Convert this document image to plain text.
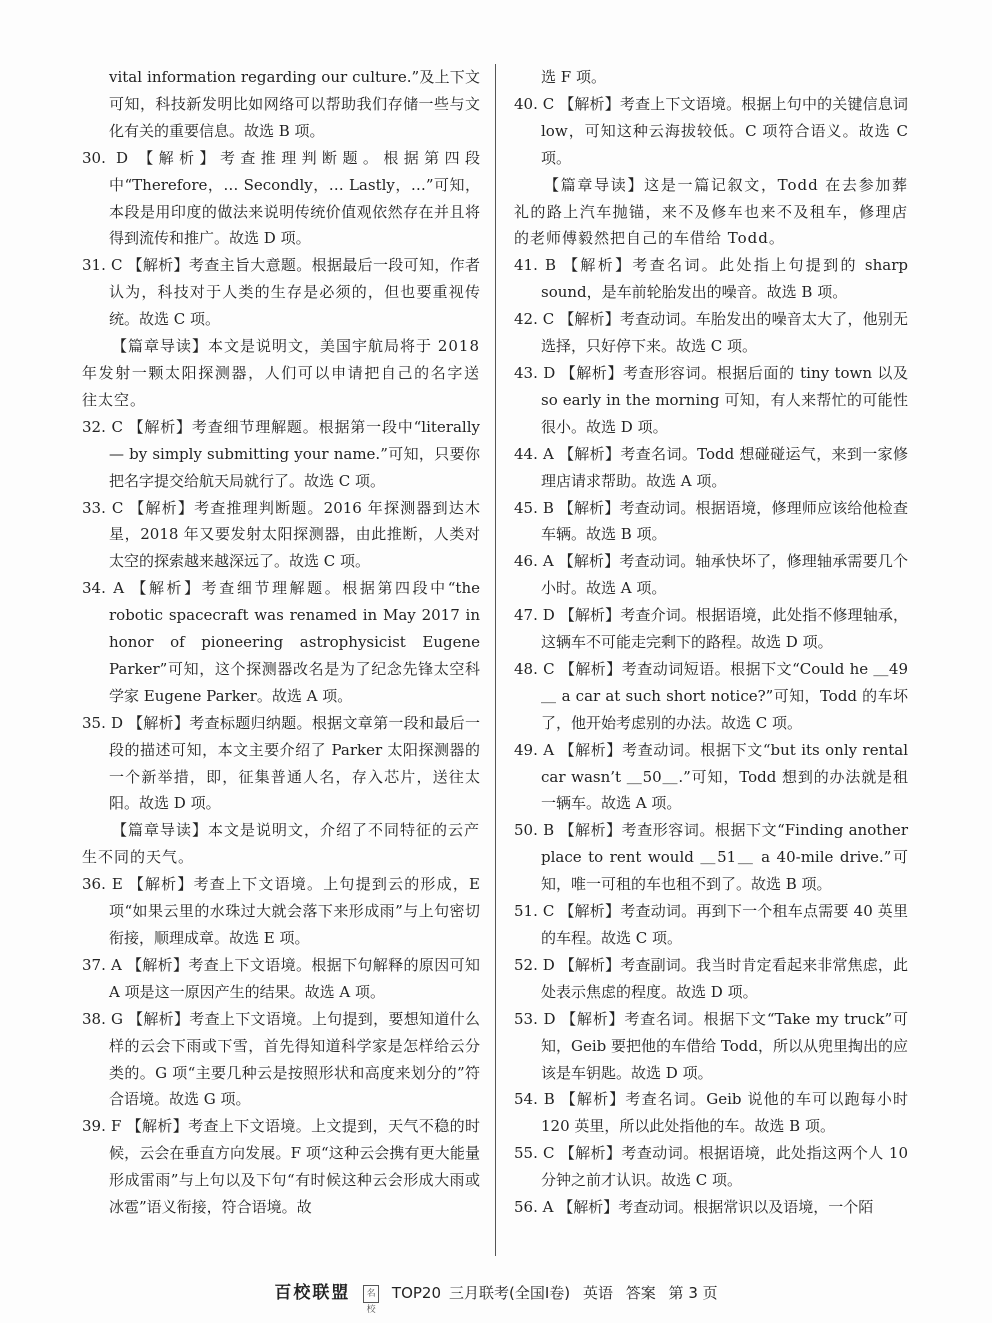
vital information regarding our culture.”及上下文可知，科技新发明比如网络可以帮助我们存储一些与文化有关的重要信息。故选 B 项。
30. D 【解析】考查推理判断题。根据第四段中“Therefore，… Secondly，… Lastly，…”可知，本段是用印度的做法来说明传统价值观依然存在并且将得到流传和推广。故选 D 项。
31. C 【解析】考查主旨大意题。根据最后一段可知，作者认为，科技对于人类的生存是必须的，但也要重视传统。故选 C 项。
【篇章导读】本文是说明文，美国宇航局将于 2018 年发射一颗太阳探测器，人们可以申请把自己的名字送往太空。
32. C 【解析】考查细节理解题。根据第一段中“literally — by simply submitting your name.”可知，只要你把名字提交给航天局就行了。故选 C 项。
33. C 【解析】考查推理判断题。2016 年探测器到达木星，2018 年又要发射太阳探测器，由此推断，人类对太空的探索越来越深远了。故选 C 项。
34. A 【解析】考查细节理解题。根据第四段中“the robotic spacecraft was renamed in May 2017 in honor of pioneering astrophysicist Eugene Parker”可知，这个探测器改名是为了纪念先锋太空科学家 Eugene Parker。故选 A 项。
35. D 【解析】考查标题归纳题。根据文章第一段和最后一段的描述可知，本文主要介绍了 Parker 太阳探测器的一个新举措，即，征集普通人名，存入芯片，送往太阳。故选 D 项。
【篇章导读】本文是说明文，介绍了不同特征的云产生不同的天气。
36. E 【解析】考查上下文语境。上句提到云的形成，E 项“如果云里的水珠过大就会落下来形成雨”与上句密切衔接，顺理成章。故选 E 项。
37. A 【解析】考查上下文语境。根据下句解释的原因可知 A 项是这一原因产生的结果。故选 A 项。
38. G 【解析】考查上下文语境。上句提到，要想知道什么样的云会下雨或下雪，首先得知道科学家是怎样给云分类的。G 项“主要几种云是按照形状和高度来划分的”符合语境。故选 G 项。
39. F 【解析】考查上下文语境。上文提到，天气不稳的时候，云会在垂直方向发展。F 项“这种云会携有更大能量形成雷雨”与上句以及下句“有时候这种云会形成大雨或冰雹”语义衔接，符合语境。故
选 F 项。
40. C 【解析】考查上下文语境。根据上句中的关键信息词 low，可知这种云海拔较低。C 项符合语义。故选 C 项。
【篇章导读】这是一篇记叙文，Todd 在去参加葬礼的路上汽车抛锚，来不及修车也来不及租车，修理店的老师傅毅然把自己的车借给 Todd。
41. B 【解析】考查名词。此处指上句提到的 sharp sound，是车前轮胎发出的噪音。故选 B 项。
42. C 【解析】考查动词。车胎发出的噪音太大了，他别无选择，只好停下来。故选 C 项。
43. D 【解析】考查形容词。根据后面的 tiny town 以及 so early in the morning 可知，有人来帮忙的可能性很小。故选 D 项。
44. A 【解析】考查名词。Todd 想碰碰运气，来到一家修理店请求帮助。故选 A 项。
45. B 【解析】考查动词。根据语境，修理师应该给他检查车辆。故选 B 项。
46. A 【解析】考查动词。轴承快坏了，修理轴承需要几个小时。故选 A 项。
47. D 【解析】考查介词。根据语境，此处指不修理轴承，这辆车不可能走完剩下的路程。故选 D 项。
48. C 【解析】考查动词短语。根据下文“Could he ＿49＿ a car at such short notice?”可知，Todd 的车坏了，他开始考虑别的办法。故选 C 项。
49. A 【解析】考查动词。根据下文“but its only rental car wasn’t ＿50＿.”可知，Todd 想到的办法就是租一辆车。故选 A 项。
50. B 【解析】考查形容词。根据下文“Finding another place to rent would ＿51＿ a 40-mile drive.”可知，唯一可租的车也租不到了。故选 B 项。
51. C 【解析】考查动词。再到下一个租车点需要 40 英里的车程。故选 C 项。
52. D 【解析】考查副词。我当时肯定看起来非常焦虑，此处表示焦虑的程度。故选 D 项。
53. D 【解析】考查名词。根据下文“Take my truck”可知，Geib 要把他的车借给 Todd，所以从兜里掏出的应该是车钥匙。故选 D 项。
54. B 【解析】考查名词。Geib 说他的车可以跑每小时 120 英里，所以此处指他的车。故选 B 项。
55. C 【解析】考查动词。根据语境，此处指这两个人 10 分钟之前才认识。故选 C 项。
56. A 【解析】考查动词。根据常识以及语境，一个陌
百校联盟 名校 TOP20 三月联考(全国Ⅰ卷) 英语 答案 第 3 页
